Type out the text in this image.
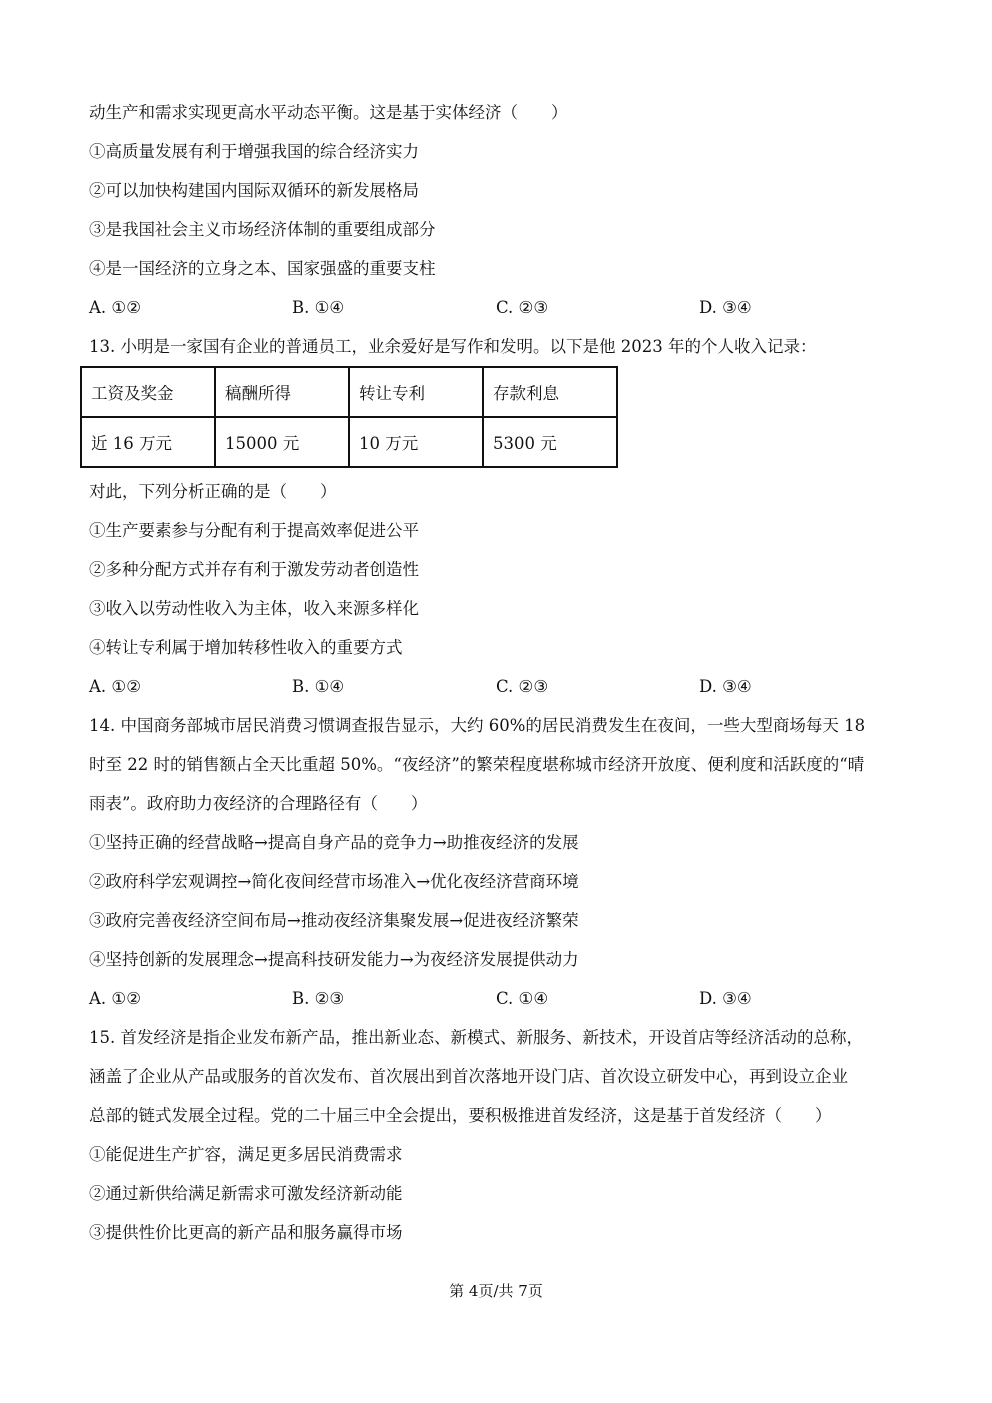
动生产和需求实现更高水平动态平衡。这是基于实体经济（　　）
①高质量发展有利于增强我国的综合经济实力
②可以加快构建国内国际双循环的新发展格局
③是我国社会主义市场经济体制的重要组成部分
④是一国经济的立身之本、国家强盛的重要支柱
A. ①②	B. ①④	C. ②③	D. ③④
13. 小明是一家国有企业的普通员工，业余爱好是写作和发明。以下是他 2023 年的个人收入记录：
工资及奖金	稿酬所得	转让专利	存款利息
近 16 万元	15000 元	10 万元	5300 元
对此，下列分析正确的是（　　）
①生产要素参与分配有利于提高效率促进公平
②多种分配方式并存有利于激发劳动者创造性
③收入以劳动性收入为主体，收入来源多样化
④转让专利属于增加转移性收入的重要方式
A. ①②	B. ①④	C. ②③	D. ③④
14. 中国商务部城市居民消费习惯调查报告显示，大约 60%的居民消费发生在夜间，一些大型商场每天 18
时至 22 时的销售额占全天比重超 50%。“夜经济”的繁荣程度堪称城市经济开放度、便利度和活跃度的“晴
雨表”。政府助力夜经济的合理路径有（　　）
①坚持正确的经营战略→提高自身产品的竞争力→助推夜经济的发展
②政府科学宏观调控→简化夜间经营市场准入→优化夜经济营商环境
③政府完善夜经济空间布局→推动夜经济集聚发展→促进夜经济繁荣
④坚持创新的发展理念→提高科技研发能力→为夜经济发展提供动力
A. ①②	B. ②③	C. ①④	D. ③④
15. 首发经济是指企业发布新产品，推出新业态、新模式、新服务、新技术，开设首店等经济活动的总称，
涵盖了企业从产品或服务的首次发布、首次展出到首次落地开设门店、首次设立研发中心，再到设立企业
总部的链式发展全过程。党的二十届三中全会提出，要积极推进首发经济，这是基于首发经济（　　）
①能促进生产扩容，满足更多居民消费需求
②通过新供给满足新需求可激发经济新动能
③提供性价比更高的新产品和服务赢得市场
第 4页/共 7页
